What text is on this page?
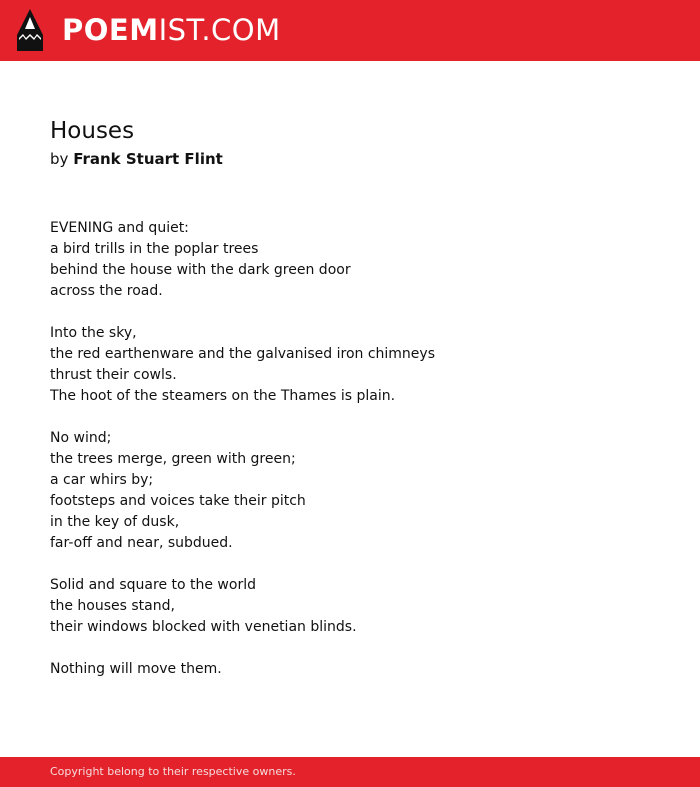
POEMIST.COM
Houses
by Frank Stuart Flint
EVENING and quiet:
a bird trills in the poplar trees
behind the house with the dark green door
across the road.
Into the sky,
the red earthenware and the galvanised iron chimneys
thrust their cowls.
The hoot of the steamers on the Thames is plain.
No wind;
the trees merge, green with green;
a car whirs by;
footsteps and voices take their pitch
in the key of dusk,
far-off and near, subdued.
Solid and square to the world
the houses stand,
their windows blocked with venetian blinds.
Nothing will move them.
Copyright belong to their respective owners.
